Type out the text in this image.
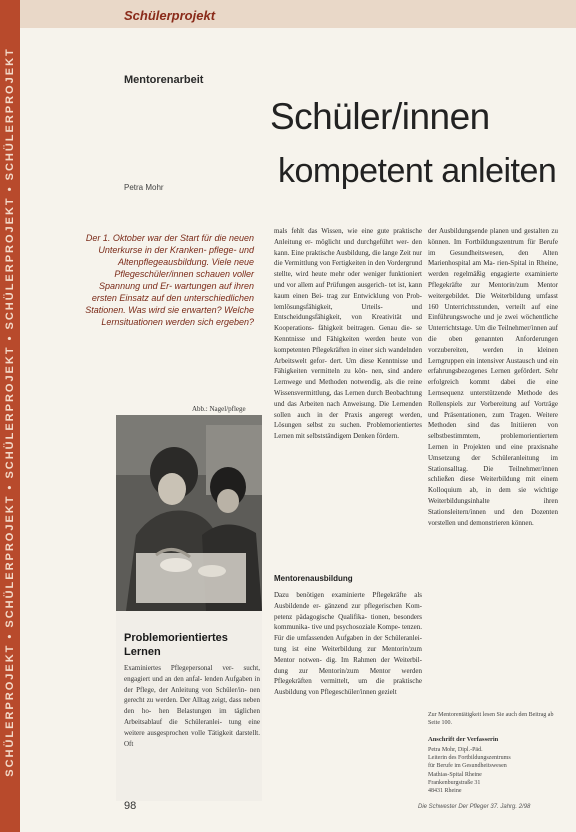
SCHÜLERPROJEKT • SCHÜLERPROJEKT • SCHÜLERPROJEKT • SCHÜLERPROJEKT • SCHÜLERPROJEKT
Schülerprojekt
Mentorenarbeit
Schüler/innen
kompetent anleiten
Petra Mohr
Der 1. Oktober war der Start für die neuen Unterkurse in der Kranken- pflege- und Altenpflegeausbildung. Viele neue Pflegeschüler/innen schauen voller Spannung und Er- wartungen auf ihren ersten Einsatz auf den unterschiedlichen Stationen. Was wird sie erwarten? Welche Lernsituationen werden sich ergeben?
Abb.: Nagel/pflege
Problemorientiertes Lernen
Examiniertes Pflegepersonal ver- sucht, engagiert und an den anfal- lenden Aufgaben in der Pflege, der Anleitung von Schüler/in- nen gerecht zu werden. Der Alltag zeigt, dass neben den ho- hen Belastungen im täglichen Arbeitsablauf die Schüleranlei- tung eine weitere ausgesprochen volle Tätigkeit darstellt. Oft
mals fehlt das Wissen, wie eine gute praktische Anleitung er- möglicht und durchgeführt wer- den kann. Eine praktische Ausbildung, die lange Zeit nur die Vermittlung von Fertigkeiten in den Vordergrund stellte, wird heute mehr oder weniger funktioniert und vor allem auf Prüfungen ausgerich- tet ist, kann kaum einen Bei- trag zur Entwicklung von Prob- lemlösungsfähigkeit, Urteils- und Entscheidungsfähigkeit, von Kreativität und Kooperations- fähigkeit beitragen. Genau die- se Kenntnisse und Fähigkeiten werden heute von kompetenten Pflegekräften in einer sich wandelnden Arbeitswelt gefor- dert. Um diese Kenntnisse und Fähigkeiten vermitteln zu kön- nen, sind andere Lernwege und Methoden notwendig, als die reine Wissensvermittlung, das Lernen durch Beobachtung und das Arbeiten nach Anweisung. Die Lernenden sollen auch in der Praxis angeregt werden, Lösungen selbst zu suchen. Problemorientiertes Lernen mit selbstständigem Denken fördern.
Mentorenausbildung
Dazu benötigen examinierte Pflegekräfte als Ausbildende er- gänzend zur pflegerischen Kom- petenz pädagogische Qualifika- tionen, besonders kommunika- tive und psychosoziale Kompe- tenzen. Für die umfassenden Aufgaben in der Schüleranlei- tung ist eine Weiterbildung zur Mentorin/zum Mentor notwen- dig. Im Rahmen der Weiterbil- dung zur Mentorin/zum Mentor werden Pflegekräften vermittelt, um die praktische Ausbildung von Pflegeschüler/innen gezielt
der Ausbildungsende planen und gestalten zu können. Im Fortbildungszentrum für Berufe im Gesundheitswesen, den Alten Marienhospital am Ma- rien-Spital in Rheine, werden regelmäßig engagierte examinierte Pflegekräfte zur Mentorin/zum Mentor weitergebildet. Die Weiterbildung umfasst 160 Unterrichtsstunden, verteilt auf eine Einführungswoche und je zwei wöchentliche Unterrichtstage. Um die Teilnehmer/innen auf die oben genannten Anforderungen vorzubereiten, werden in kleinen Lerngruppen ein intensiver Austausch und ein erfahrungsbezogenes Lernen gefördert. Sehr erfolgreich kommt dabei die eine Lernsequenz unterstützende Methode des Rollenspiels zur Vorbereitung auf Vorträge und Präsentationen, zum Tragen. Weitere Methoden sind das Initiieren von selbstbestimmtem, problemorientiertem Lernen in Projekten und eine praxisnahe Umsetzung der Schüleranleitung im Stationsalltag. Die Teilnehmer/innen schließen diese Weiterbildung mit einem Kolloquium ab, in dem sie wichtige Weiterbildungsinhalte ihren Stationsleitern/innen und den Dozenten vorstellen und demonstrieren können.
Zur Mentorentätigkeit lesen Sie auch den Beitrag ab Seite 100.
Anschrift der Verfasserin
Petra Mohr, Dipl.-Päd.
Leiterin des Fortbildungszentrums
für Berufe im Gesundheitswesen
Mathias-Spital Rheine
Frankenburgstraße 31
48431 Rheine
98	Die Schwester Der Pfleger 37. Jahrg. 2/98
